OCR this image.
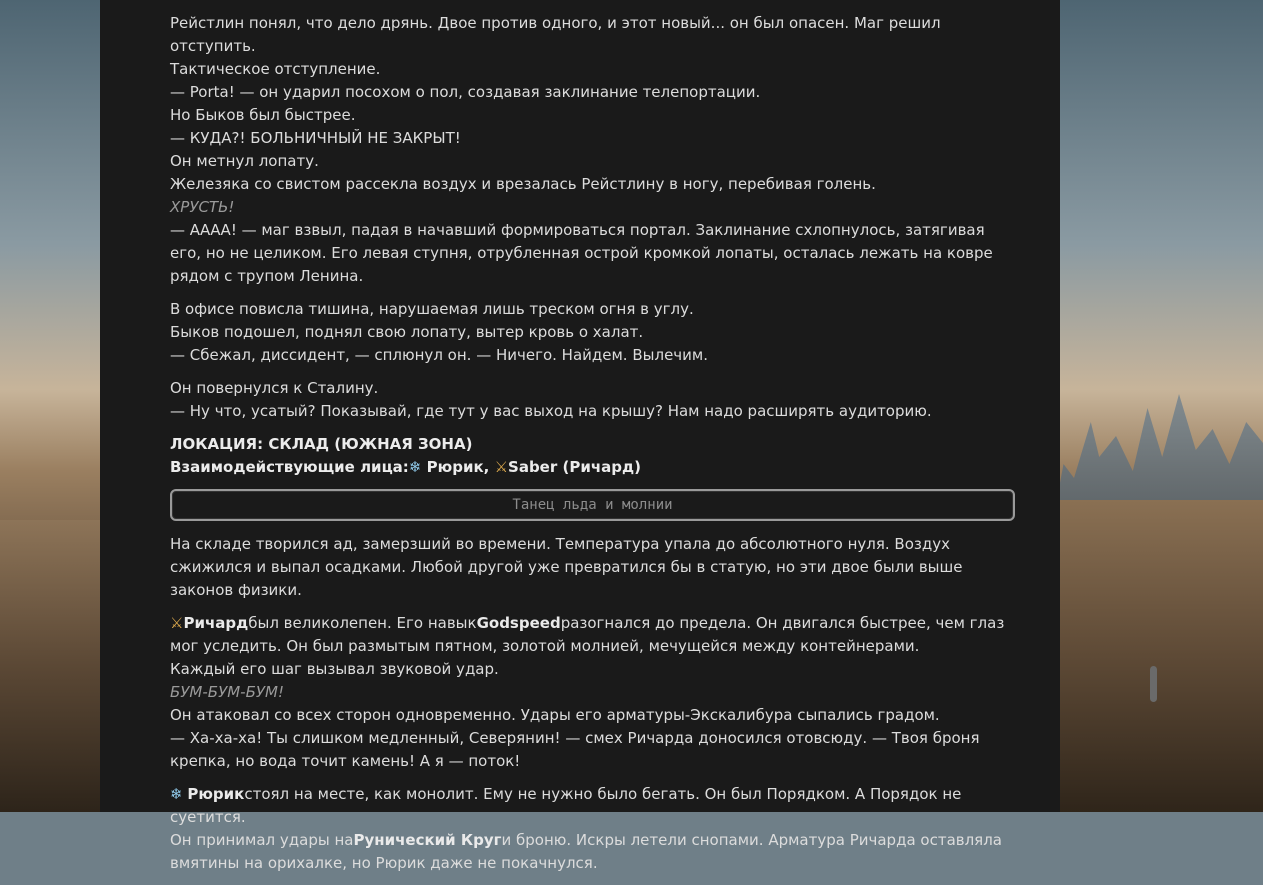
Рейстлин понял, что дело дрянь. Двое против одного, и этот новый... он был опасен. Маг решил отступить.
Тактическое отступление.
— Porta! — он ударил посохом о пол, создавая заклинание телепортации.
Но Быков был быстрее.
— КУДА?! БОЛЬНИЧНЫЙ НЕ ЗАКРЫТ!
Он метнул лопату.
Железяка со свистом рассекла воздух и врезалась Рейстлину в ногу, перебивая голень.
ХРУСТЬ!
— АААА! — маг взвыл, падая в начавший формироваться портал. Заклинание схлопнулось, затягивая его, но не целиком. Его левая ступня, отрубленная острой кромкой лопаты, осталась лежать на ковре рядом с трупом Ленина.

В офисе повисла тишина, нарушаемая лишь треском огня в углу.
Быков подошел, поднял свою лопату, вытер кровь о халат.
— Сбежал, диссидент, — сплюнул он. — Ничего. Найдем. Вылечим.

Он повернулся к Сталину.
— Ну что, усатый? Показывай, где тут у вас выход на крышу? Нам надо расширять аудиторию.

ЛОКАЦИЯ: СКЛАД (ЮЖНАЯ ЗОНА)
Взаимодействующие лица:❄ Рюрик, ⚔Saber (Ричард)
Танец льда и молнии

На складе творился ад, замерзший во времени. Температура упала до абсолютного нуля. Воздух сжижился и выпал осадками. Любой другой уже превратился бы в статую, но эти двое были выше законов физики.

⚔Ричардбыл великолепен. Его навыкGodspeedразогнался до предела. Он двигался быстрее, чем глаз мог уследить. Он был размытым пятном, золотой молнией, мечущейся между контейнерами.
Каждый его шаг вызывал звуковой удар.
БУМ-БУМ-БУМ!
Он атаковал со всех сторон одновременно. Удары его арматуры-Экскалибура сыпались градом.
— Ха-ха-ха! Ты слишком медленный, Северянин! — смех Ричарда доносился отовсюду. — Твоя броня крепка, но вода точит камень! А я — поток!

❄ Рюрикстоял на месте, как монолит. Ему не нужно было бегать. Он был Порядком. А Порядок не суетится.
Он принимал удары наРунический Круги броню. Искры летели снопами. Арматура Ричарда оставляла вмятины на орихалке, но Рюрик даже не покачнулся.
